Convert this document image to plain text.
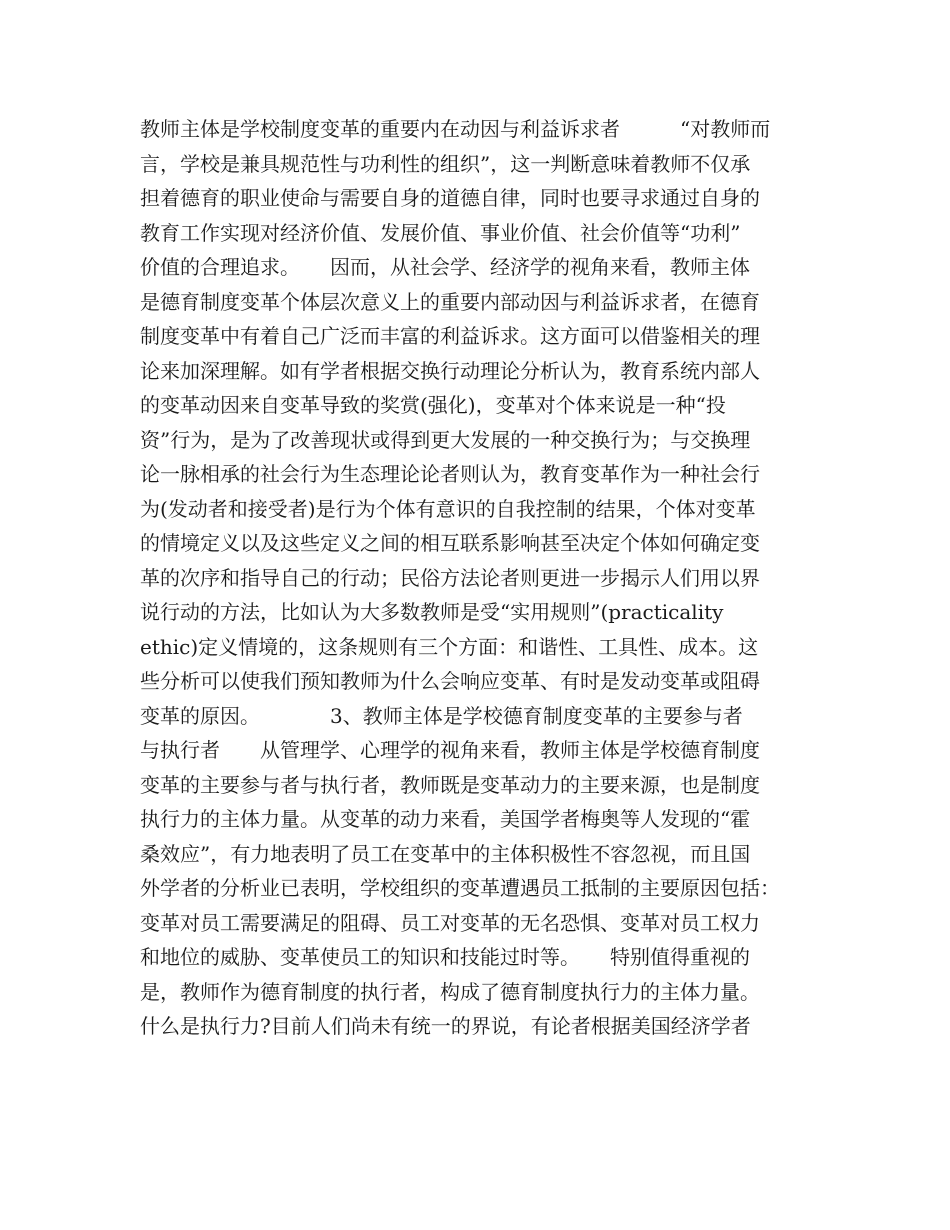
教师主体是学校制度变革的重要内在动因与利益诉求者　　　“对教师而
言，学校是兼具规范性与功利性的组织”，这一判断意味着教师不仅承
担着德育的职业使命与需要自身的道德自律，同时也要寻求通过自身的
教育工作实现对经济价值、发展价值、事业价值、社会价值等“功利”
价值的合理追求。　　因而，从社会学、经济学的视角来看，教师主体
是德育制度变革个体层次意义上的重要内部动因与利益诉求者，在德育
制度变革中有着自己广泛而丰富的利益诉求。这方面可以借鉴相关的理
论来加深理解。如有学者根据交换行动理论分析认为，教育系统内部人
的变革动因来自变革导致的奖赏(强化)，变革对个体来说是一种“投
资”行为，是为了改善现状或得到更大发展的一种交换行为；与交换理
论一脉相承的社会行为生态理论论者则认为，教育变革作为一种社会行
为(发动者和接受者)是行为个体有意识的自我控制的结果，个体对变革
的情境定义以及这些定义之间的相互联系影响甚至决定个体如何确定变
革的次序和指导自己的行动；民俗方法论者则更进一步揭示人们用以界
说行动的方法，比如认为大多数教师是受“实用规则”(practicality
ethic)定义情境的，这条规则有三个方面：和谐性、工具性、成本。这
些分析可以使我们预知教师为什么会响应变革、有时是发动变革或阻碍
变革的原因。　　　　3、教师主体是学校德育制度变革的主要参与者
与执行者　　从管理学、心理学的视角来看，教师主体是学校德育制度
变革的主要参与者与执行者，教师既是变革动力的主要来源，也是制度
执行力的主体力量。从变革的动力来看，美国学者梅奥等人发现的“霍
桑效应”，有力地表明了员工在变革中的主体积极性不容忽视，而且国
外学者的分析业已表明，学校组织的变革遭遇员工抵制的主要原因包括：
变革对员工需要满足的阻碍、员工对变革的无名恐惧、变革对员工权力
和地位的威胁、变革使员工的知识和技能过时等。　　特别值得重视的
是，教师作为德育制度的执行者，构成了德育制度执行力的主体力量。
什么是执行力?目前人们尚未有统一的界说，有论者根据美国经济学者
